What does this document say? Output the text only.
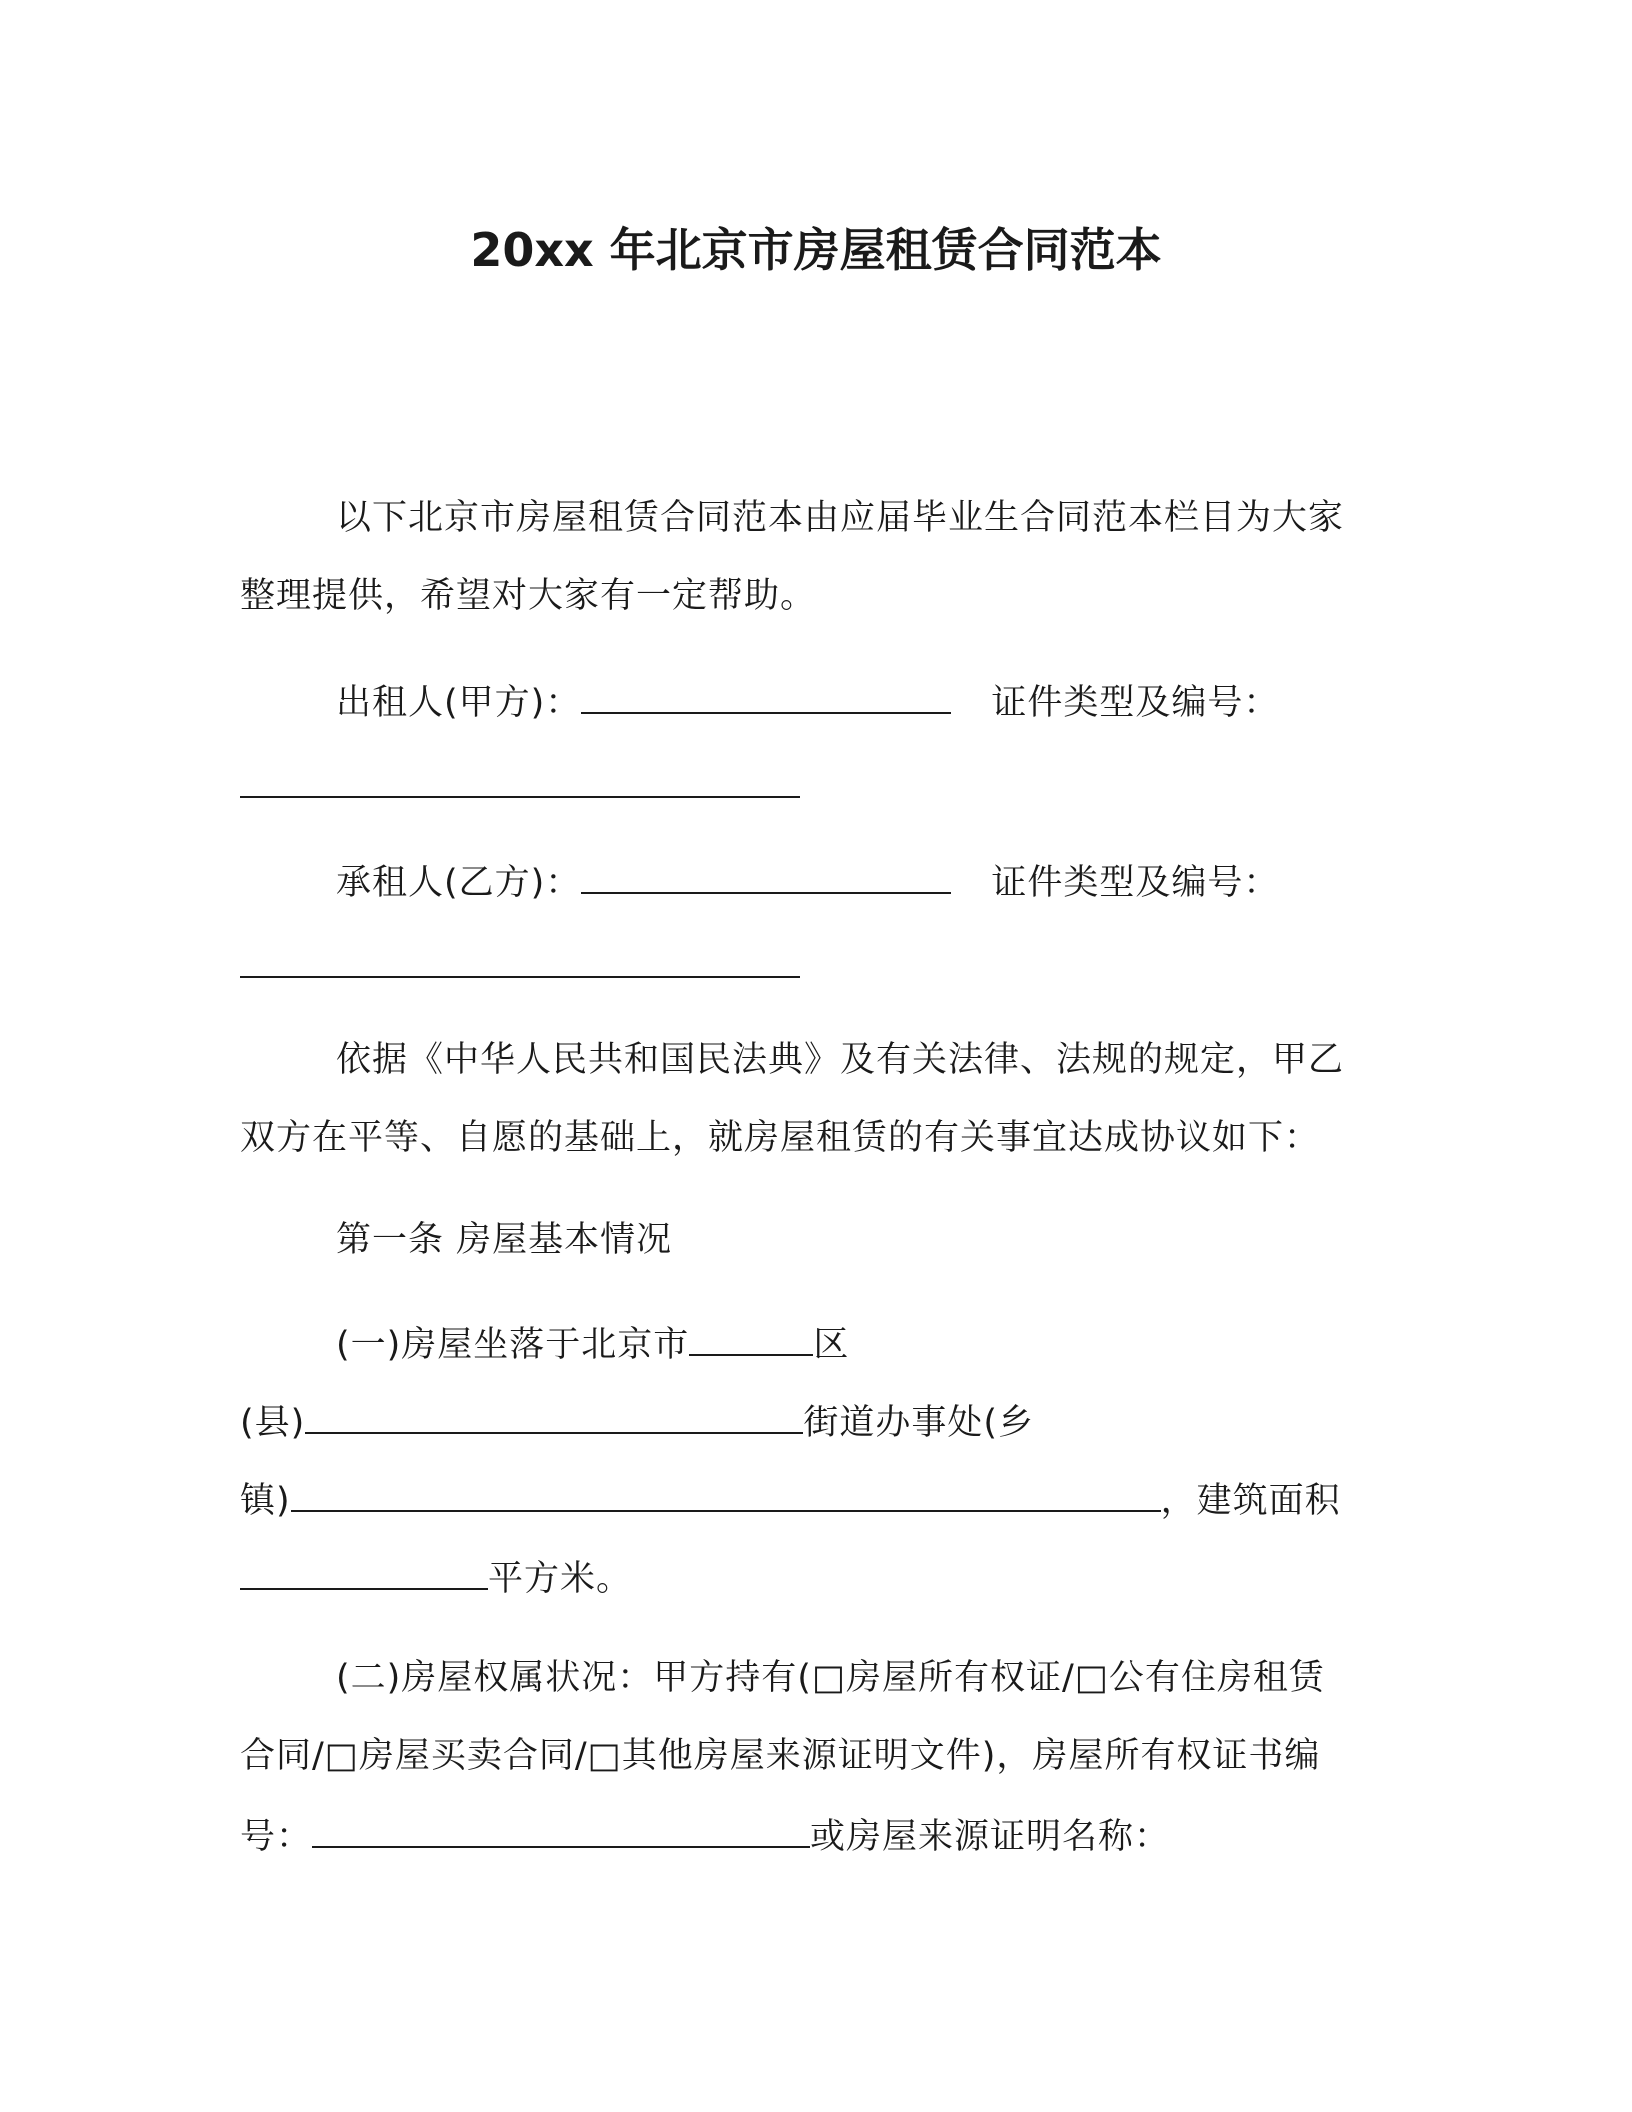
20xx 年北京市房屋租赁合同范本
以下北京市房屋租赁合同范本由应届毕业生合同范本栏目为大家
整理提供，希望对大家有一定帮助。
出租人(甲方)：	证件类型及编号：
承租人(乙方)：	证件类型及编号：
依据《中华人民共和国民法典》及有关法律、法规的规定，甲乙
双方在平等、自愿的基础上，就房屋租赁的有关事宜达成协议如下：
第一条 房屋基本情况
(一)房屋坐落于北京市	区
(县)	街道办事处(乡
镇)	，建筑面积
平方米。
(二)房屋权属状况：甲方持有(□房屋所有权证/□公有住房租赁
合同/□房屋买卖合同/□其他房屋来源证明文件)，房屋所有权证书编
号：	或房屋来源证明名称：
